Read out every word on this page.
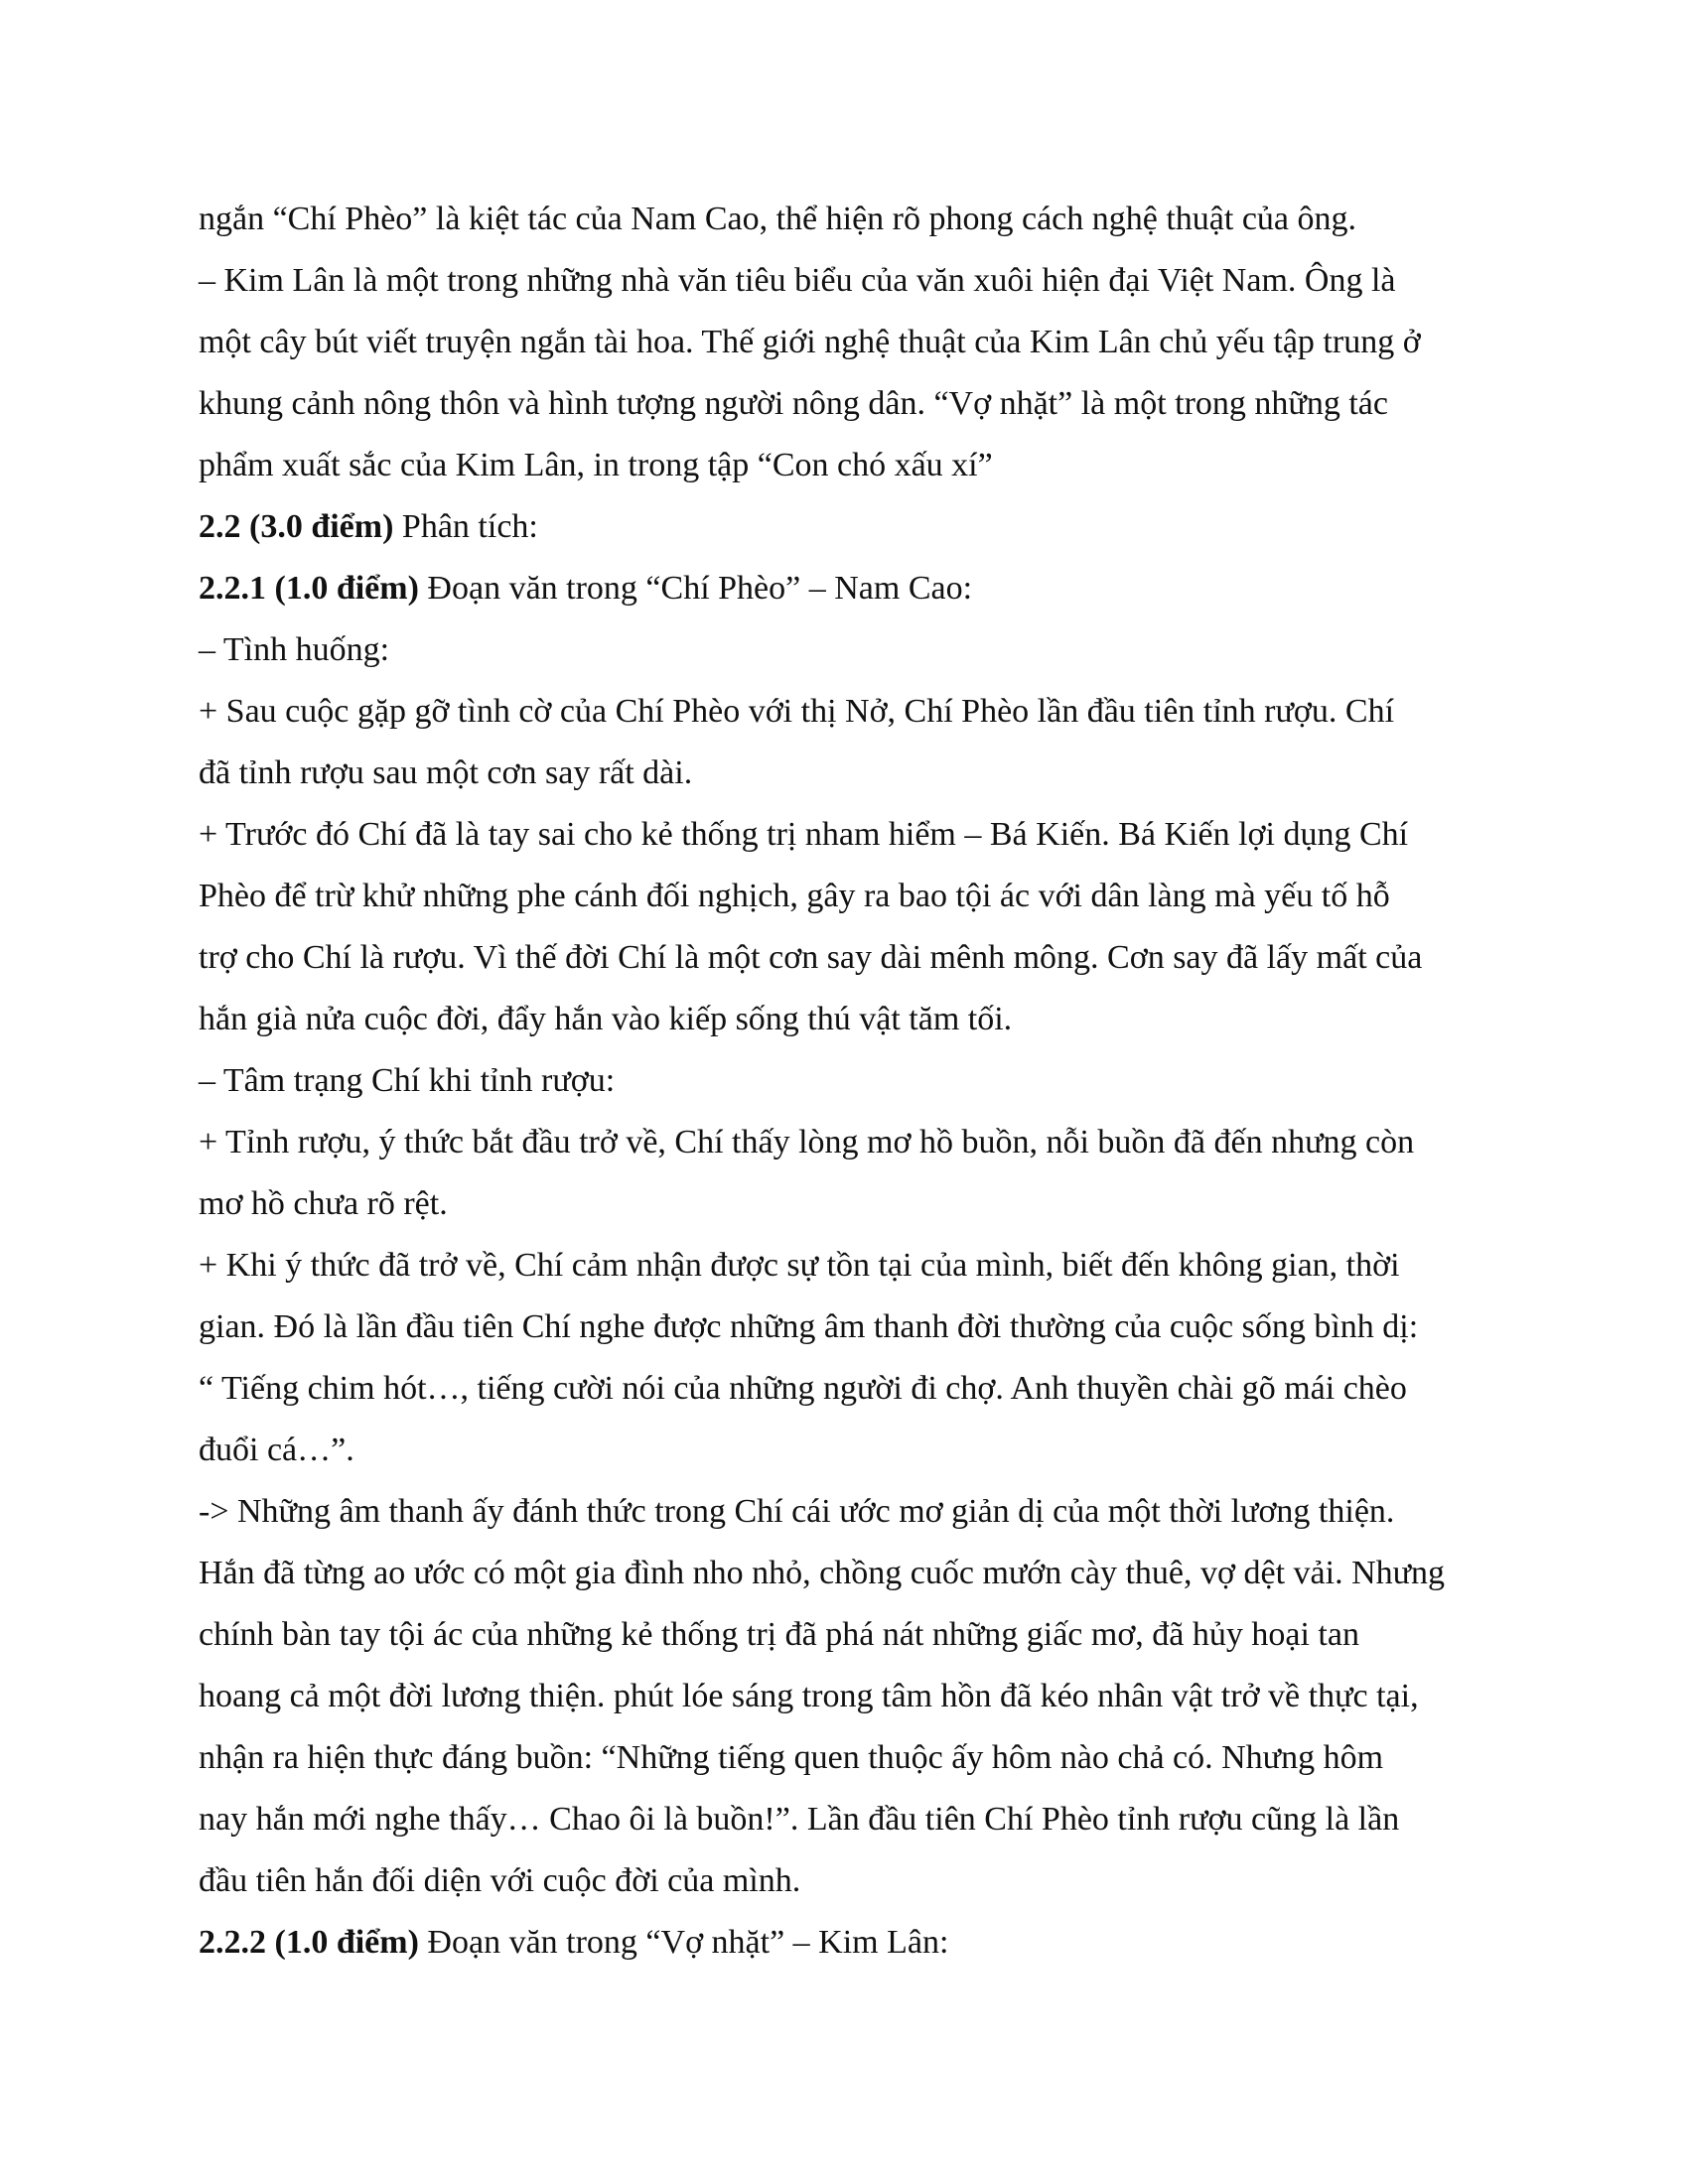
ngắn “Chí Phèo” là kiệt tác của Nam Cao, thể hiện rõ phong cách nghệ thuật của ông.
– Kim Lân là một trong những nhà văn tiêu biểu của văn xuôi hiện đại Việt Nam. Ông là
một cây bút viết truyện ngắn tài hoa. Thế giới nghệ thuật của Kim Lân chủ yếu tập trung ở
khung cảnh nông thôn và hình tượng người nông dân. “Vợ nhặt” là một trong những tác
phẩm xuất sắc của Kim Lân, in trong tập “Con chó xấu xí”
2.2 (3.0 điểm) Phân tích:
2.2.1 (1.0 điểm) Đoạn văn trong “Chí Phèo” – Nam Cao:
– Tình huống:
+ Sau cuộc gặp gỡ tình cờ của Chí Phèo với thị Nở, Chí Phèo lần đầu tiên tỉnh rượu. Chí
đã tỉnh rượu sau một cơn say rất dài.
+ Trước đó Chí đã là tay sai cho kẻ thống trị nham hiểm – Bá Kiến. Bá Kiến lợi dụng Chí
Phèo để trừ khử những phe cánh đối nghịch, gây ra bao tội ác với dân làng mà yếu tố hỗ
trợ cho Chí là rượu. Vì thế đời Chí là một cơn say dài mênh mông. Cơn say đã lấy mất của
hắn già nửa cuộc đời, đẩy hắn vào kiếp sống thú vật tăm tối.
– Tâm trạng Chí khi tỉnh rượu:
+ Tỉnh rượu, ý thức bắt đầu trở về, Chí thấy lòng mơ hồ buồn, nỗi buồn đã đến nhưng còn
mơ hồ chưa rõ rệt.
+ Khi ý thức đã trở về, Chí cảm nhận được sự tồn tại của mình, biết đến không gian, thời
gian. Đó là lần đầu tiên Chí nghe được những âm thanh đời thường của cuộc sống bình dị:
“ Tiếng chim hót…, tiếng cười nói của những người đi chợ. Anh thuyền chài gõ mái chèo
đuổi cá…”.
-> Những âm thanh ấy đánh thức trong Chí cái ước mơ giản dị của một thời lương thiện.
Hắn đã từng ao ước có một gia đình nho nhỏ, chồng cuốc mướn cày thuê, vợ dệt vải. Nhưng
chính bàn tay tội ác của những kẻ thống trị đã phá nát những giấc mơ, đã hủy hoại tan
hoang cả một đời lương thiện. phút lóe sáng trong tâm hồn đã kéo nhân vật trở về thực tại,
nhận ra hiện thực đáng buồn: “Những tiếng quen thuộc ấy hôm nào chả có. Nhưng hôm
nay hắn mới nghe thấy… Chao ôi là buồn!”. Lần đầu tiên Chí Phèo tỉnh rượu cũng là lần
đầu tiên hắn đối diện với cuộc đời của mình.
2.2.2 (1.0 điểm) Đoạn văn trong “Vợ nhặt” – Kim Lân:
